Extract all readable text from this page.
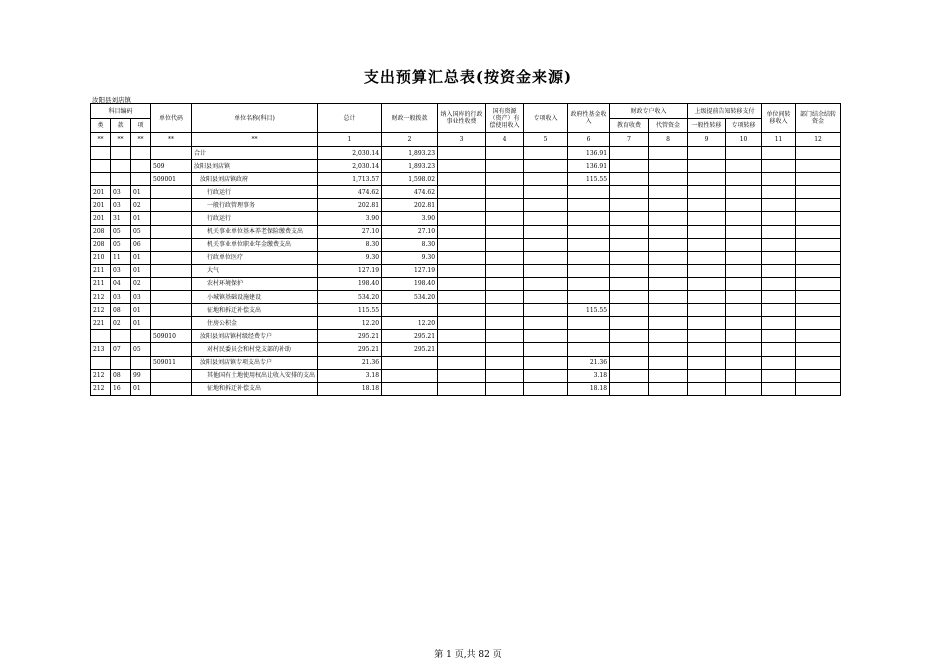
支出预算汇总表(按资金来源)
汝阳县刘店镇
科目编码			单位代码	单位名称(科目)	总计	财政一般拨款	纳入国库的行政事业性收费	国有资源（资产）有偿使用收入	专项收入	政府性基金收入	财政专户收入		上级提前告知转移支付		单位间转移收入	部门结余结转资金
类	款	项									教育收费	代管资金	一般性转移	专项转移		
**	**	**	**	**	1	2	3	4	5	6	7	8	9	10	11	12
				合计	2,030.14	1,893.23				136.91						
			509	汝阳县刘店镇	2,030.14	1,893.23				136.91						
			509001	汝阳县刘店镇政府	1,713.57	1,598.02				115.55						
201	03	01		行政运行	474.62	474.62										
201	03	02		一般行政管理事务	202.81	202.81										
201	31	01		行政运行	3.90	3.90										
208	05	05		机关事业单位基本养老保险缴费支出	27.10	27.10										
208	05	06		机关事业单位职业年金缴费支出	8.30	8.30										
210	11	01		行政单位医疗	9.30	9.30										
211	03	01		大气	127.19	127.19										
211	04	02		农村环境保护	198.40	198.40										
212	03	03		小城镇基础设施建设	534.20	534.20										
212	08	01		征地和拆迁补偿支出	115.55					115.55						
221	02	01		住房公积金	12.20	12.20										
			509010	汝阳县刘店镇村级经费专户	295.21	295.21										
213	07	05		对村民委员会和村党支部的补助	295.21	295.21										
			509011	汝阳县刘店镇专项支出专户	21.36					21.36						
212	08	99		其他国有土地使用权出让收入安排的支出	3.18					3.18						
212	16	01		征地和拆迁补偿支出	18.18					18.18						
第 1 页,共 82 页
